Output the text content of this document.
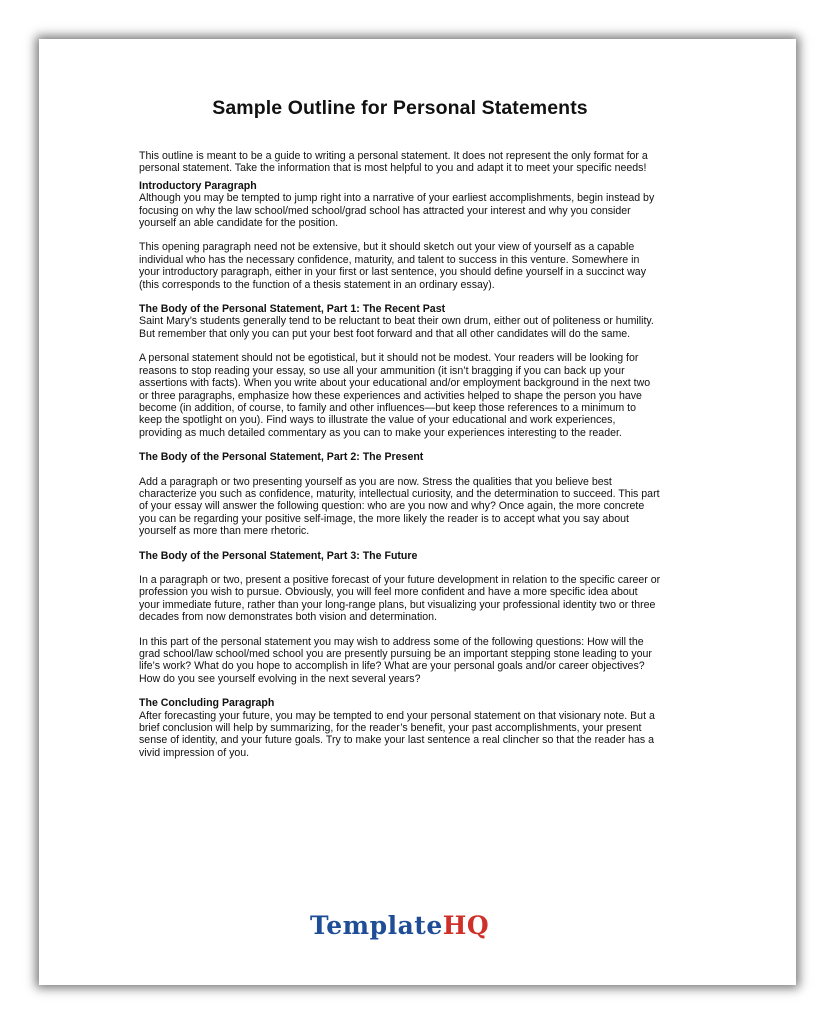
Sample Outline for Personal Statements

This outline is meant to be a guide to writing a personal statement. It does not represent the only format for a personal statement. Take the information that is most helpful to you and adapt it to meet your specific needs!

Introductory Paragraph

Although you may be tempted to jump right into a narrative of your earliest accomplishments, begin instead by focusing on why the law school/med school/grad school has attracted your interest and why you consider yourself an able candidate for the position.

This opening paragraph need not be extensive, but it should sketch out your view of yourself as a capable individual who has the necessary confidence, maturity, and talent to success in this venture. Somewhere in your introductory paragraph, either in your first or last sentence, you should define yourself in a succinct way (this corresponds to the function of a thesis statement in an ordinary essay).

The Body of the Personal Statement, Part 1: The Recent Past

Saint Mary’s students generally tend to be reluctant to beat their own drum, either out of politeness or humility. But remember that only you can put your best foot forward and that all other candidates will do the same.

A personal statement should not be egotistical, but it should not be modest. Your readers will be looking for reasons to stop reading your essay, so use all your ammunition (it isn’t bragging if you can back up your assertions with facts). When you write about your educational and/or employment background in the next two or three paragraphs, emphasize how these experiences and activities helped to shape the person you have become (in addition, of course, to family and other influences—but keep those references to a minimum to keep the spotlight on you). Find ways to illustrate the value of your educational and work experiences, providing as much detailed commentary as you can to make your experiences interesting to the reader.

The Body of the Personal Statement, Part 2: The Present

Add a paragraph or two presenting yourself as you are now. Stress the qualities that you believe best characterize you such as confidence, maturity, intellectual curiosity, and the determination to succeed. This part of your essay will answer the following question: who are you now and why? Once again, the more concrete you can be regarding your positive self-image, the more likely the reader is to accept what you say about yourself as more than mere rhetoric.

The Body of the Personal Statement, Part 3: The Future

In a paragraph or two, present a positive forecast of your future development in relation to the specific career or profession you wish to pursue. Obviously, you will feel more confident and have a more specific idea about your immediate future, rather than your long-range plans, but visualizing your professional identity two or three decades from now demonstrates both vision and determination.

In this part of the personal statement you may wish to address some of the following questions: How will the grad school/law school/med school you are presently pursuing be an important stepping stone leading to your life’s work? What do you hope to accomplish in life? What are your personal goals and/or career objectives? How do you see yourself evolving in the next several years?

The Concluding Paragraph

After forecasting your future, you may be tempted to end your personal statement on that visionary note. But a brief conclusion will help by summarizing, for the reader’s benefit, your past accomplishments, your present sense of identity, and your future goals. Try to make your last sentence a real clincher so that the reader has a vivid impression of you.

TemplateHQ
